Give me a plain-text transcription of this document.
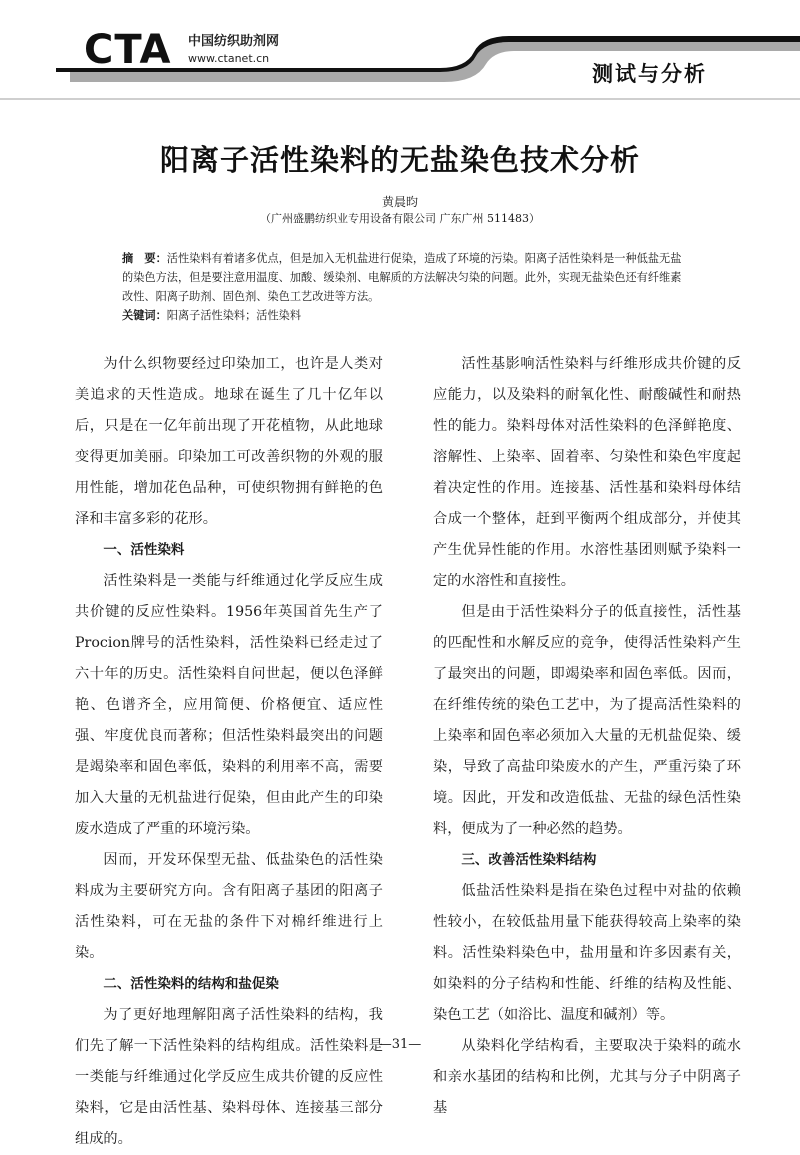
CTA 中国纺织助剂网
www.ctanet.cn
测试与分析
阳离子活性染料的无盐染色技术分析
黄晨昀
（广州盛鹏纺织业专用设备有限公司 广东广州 511483）

摘　要：活性染料有着诸多优点，但是加入无机盐进行促染，造成了环境的污染。阳离子活性染料是一种低盐无盐的染色方法，但是要注意用温度、加酸、缓染剂、电解质的方法解决匀染的问题。此外，实现无盐染色还有纤维素改性、阳离子助剂、固色剂、染色工艺改进等方法。

关键词：阳离子活性染料；活性染料

为什么织物要经过印染加工，也许是人类对美追求的天性造成。地球在诞生了几十亿年以后，只是在一亿年前出现了开花植物，从此地球变得更加美丽。印染加工可改善织物的外观的服用性能，增加花色品种，可使织物拥有鲜艳的色泽和丰富多彩的花形。

一、活性染料

活性染料是一类能与纤维通过化学反应生成共价键的反应性染料。1956年英国首先生产了Procion牌号的活性染料，活性染料已经走过了六十年的历史。活性染料自问世起，便以色泽鲜艳、色谱齐全，应用简便、价格便宜、适应性强、牢度优良而著称；但活性染料最突出的问题是竭染率和固色率低，染料的利用率不高，需要加入大量的无机盐进行促染，但由此产生的印染废水造成了严重的环境污染。

因而，开发环保型无盐、低盐染色的活性染料成为主要研究方向。含有阳离子基团的阳离子活性染料，可在无盐的条件下对棉纤维进行上染。

二、活性染料的结构和盐促染

为了更好地理解阳离子活性染料的结构，我们先了解一下活性染料的结构组成。活性染料是一类能与纤维通过化学反应生成共价键的反应性染料，它是由活性基、染料母体、连接基三部分组成的。

活性基影响活性染料与纤维形成共价键的反应能力，以及染料的耐氧化性、耐酸碱性和耐热性的能力。染料母体对活性染料的色泽鲜艳度、溶解性、上染率、固着率、匀染性和染色牢度起着决定性的作用。连接基、活性基和染料母体结合成一个整体，赶到平衡两个组成部分，并使其产生优异性能的作用。水溶性基团则赋予染料一定的水溶性和直接性。

但是由于活性染料分子的低直接性，活性基的匹配性和水解反应的竞争，使得活性染料产生了最突出的问题，即竭染率和固色率低。因而，在纤维传统的染色工艺中，为了提高活性染料的上染率和固色率必须加入大量的无机盐促染、缓染，导致了高盐印染废水的产生，严重污染了环境。因此，开发和改造低盐、无盐的绿色活性染料，便成为了一种必然的趋势。

三、改善活性染料结构

低盐活性染料是指在染色过程中对盐的依赖性较小，在较低盐用量下能获得较高上染率的染料。活性染料染色中，盐用量和许多因素有关，如染料的分子结构和性能、纤维的结构及性能、染色工艺（如浴比、温度和碱剂）等。

从染料化学结构看，主要取决于染料的疏水和亲水基团的结构和比例，尤其与分子中阴离子基

—31—
